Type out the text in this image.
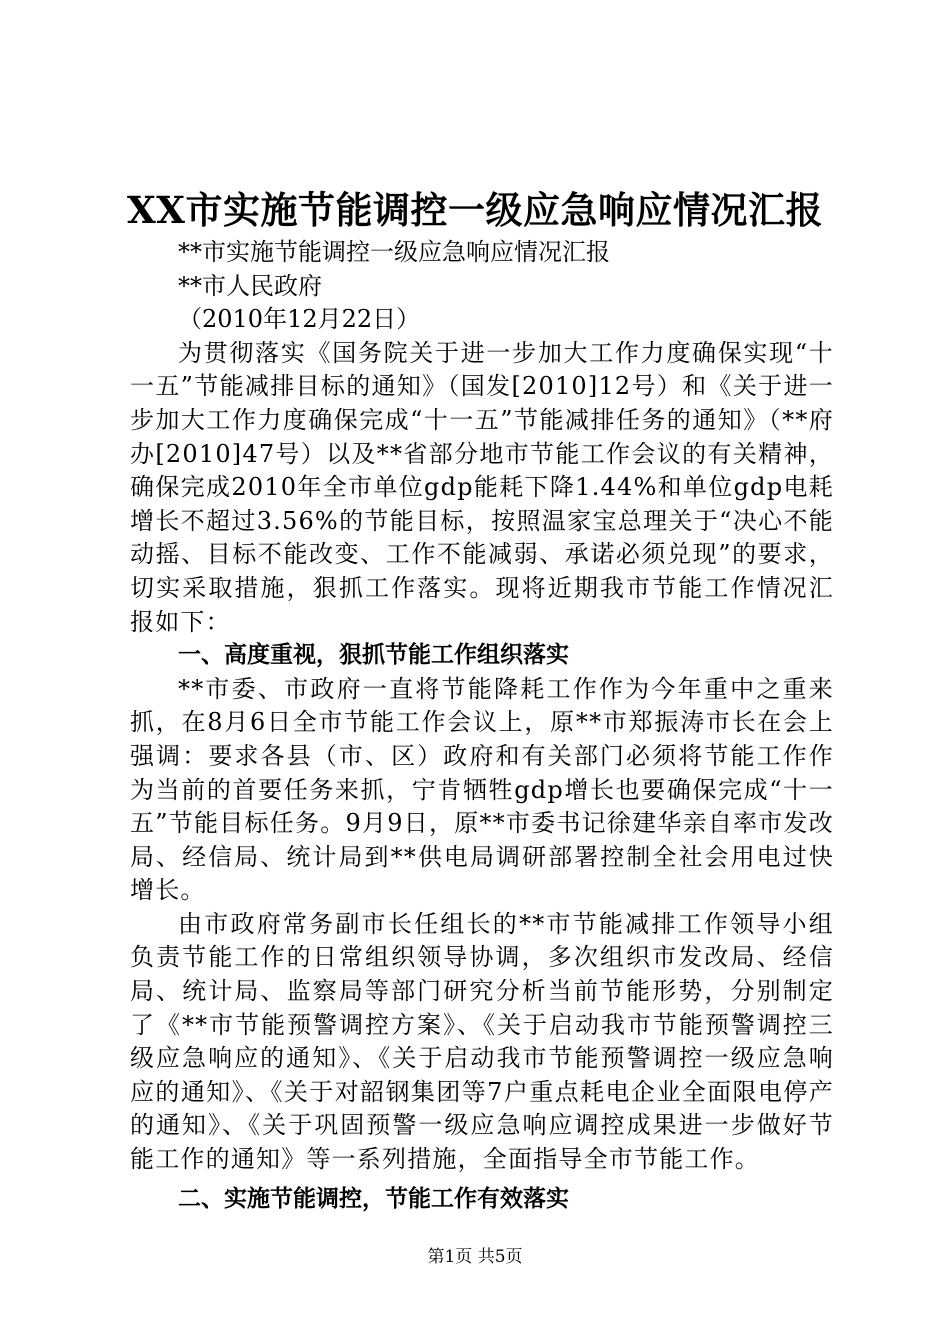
XX市实施节能调控一级应急响应情况汇报

**市实施节能调控一级应急响应情况汇报

**市人民政府

（2010年12月22日）

为贯彻落实《国务院关于进一步加大工作力度确保实现“十一五”节能减排目标的通知》（国发[2010]12号）和《关于进一步加大工作力度确保完成“十一五”节能减排任务的通知》（**府办[2010]47号）以及**省部分地市节能工作会议的有关精神，确保完成2010年全市单位gdp能耗下降1.44%和单位gdp电耗增长不超过3.56%的节能目标，按照温家宝总理关于“决心不能动摇、目标不能改变、工作不能减弱、承诺必须兑现”的要求，切实采取措施，狠抓工作落实。现将近期我市节能工作情况汇报如下：

一、高度重视，狠抓节能工作组织落实

**市委、市政府一直将节能降耗工作作为今年重中之重来抓，在8月6日全市节能工作会议上，原**市郑振涛市长在会上强调：要求各县（市、区）政府和有关部门必须将节能工作作为当前的首要任务来抓，宁肯牺牲gdp增长也要确保完成“十一五”节能目标任务。9月9日，原**市委书记徐建华亲自率市发改局、经信局、统计局到**供电局调研部署控制全社会用电过快增长。

由市政府常务副市长任组长的**市节能减排工作领导小组负责节能工作的日常组织领导协调，多次组织市发改局、经信局、统计局、监察局等部门研究分析当前节能形势，分别制定了《**市节能预警调控方案》、《关于启动我市节能预警调控三级应急响应的通知》、《关于启动我市节能预警调控一级应急响应的通知》、《关于对韶钢集团等7户重点耗电企业全面限电停产的通知》、《关于巩固预警一级应急响应调控成果进一步做好节能工作的通知》等一系列措施，全面指导全市节能工作。

二、实施节能调控，节能工作有效落实

第1页 共5页
